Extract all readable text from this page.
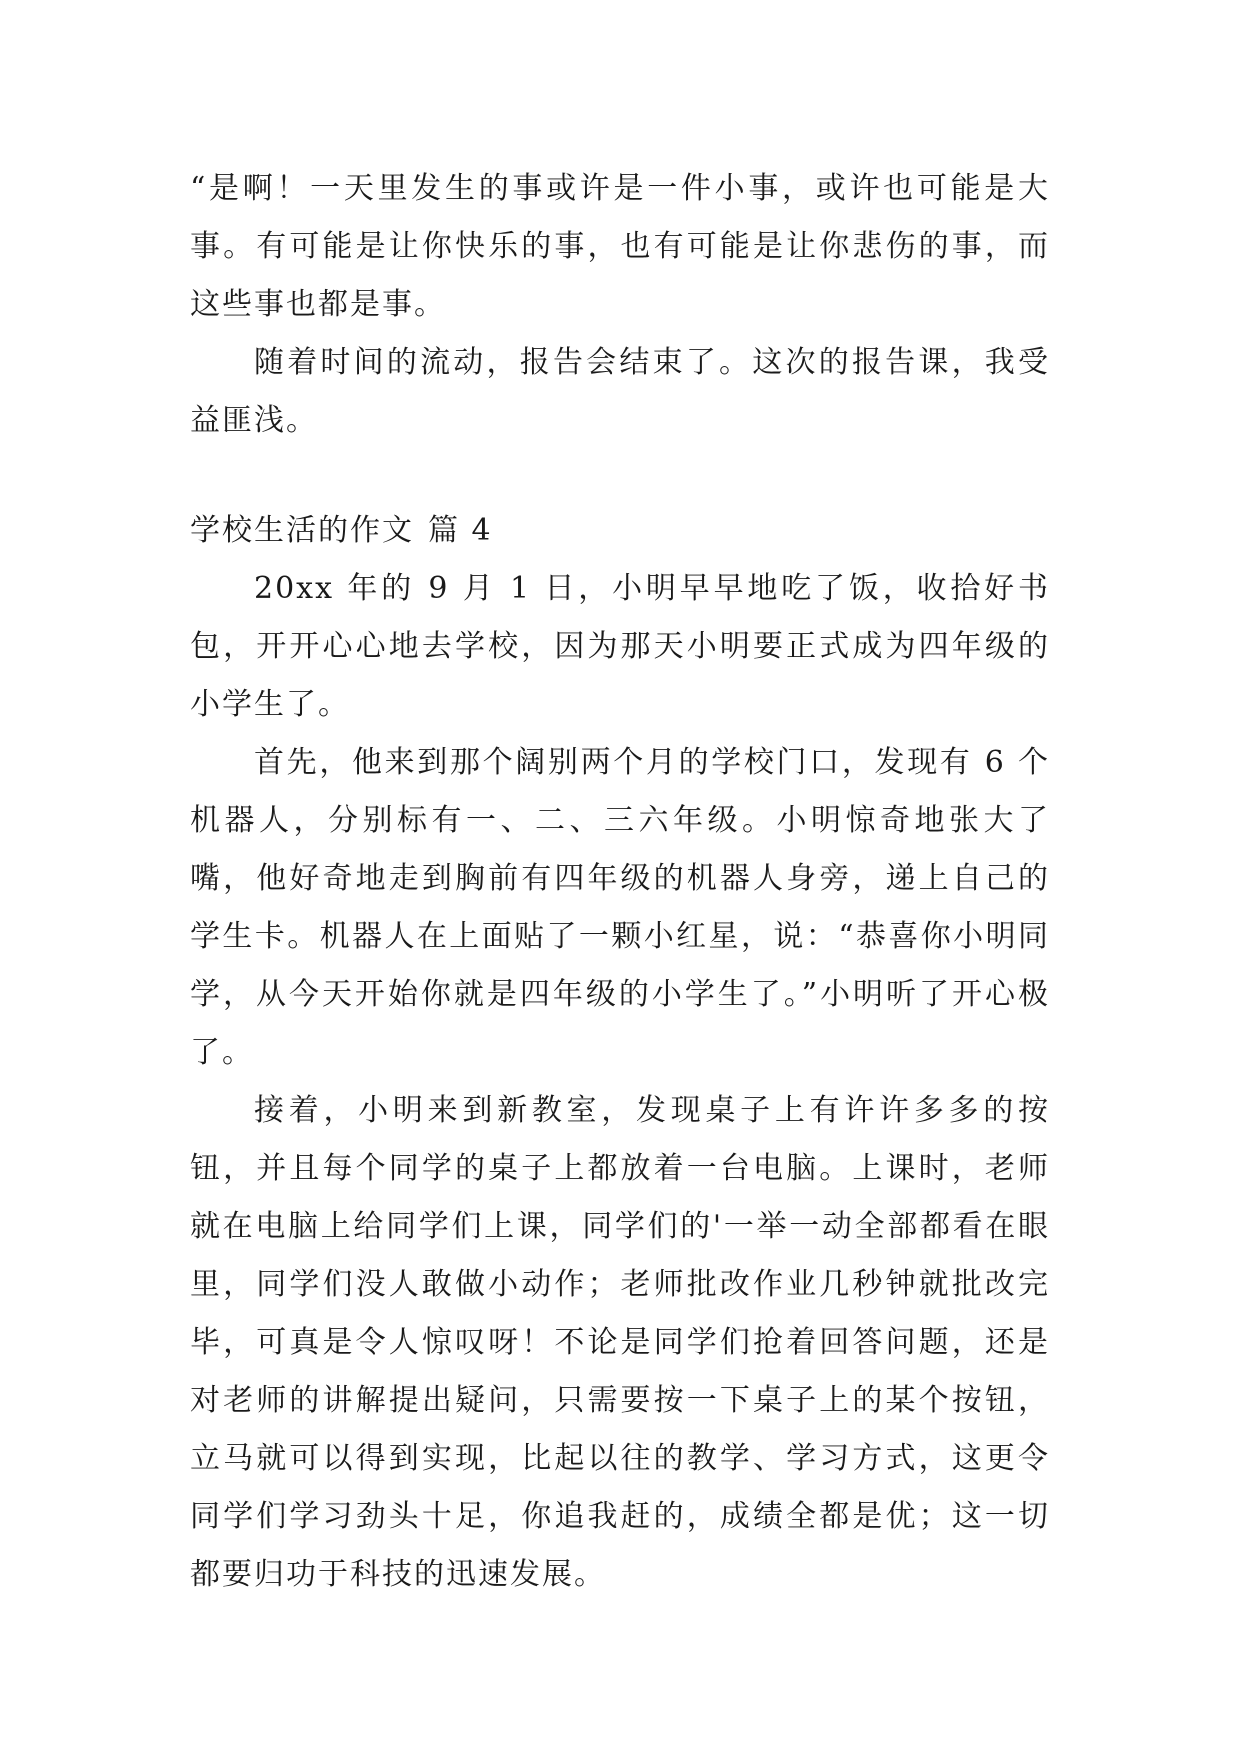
“是啊！一天里发生的事或许是一件小事，或许也可能是大事。有可能是让你快乐的事，也有可能是让你悲伤的事，而这些事也都是事。

随着时间的流动，报告会结束了。这次的报告课，我受益匪浅。

学校生活的作文 篇 4

20xx 年的 9 月 1 日，小明早早地吃了饭，收拾好书包，开开心心地去学校，因为那天小明要正式成为四年级的小学生了。

首先，他来到那个阔别两个月的学校门口，发现有 6 个机器人，分别标有一、二、三六年级。小明惊奇地张大了嘴，他好奇地走到胸前有四年级的机器人身旁，递上自己的学生卡。机器人在上面贴了一颗小红星，说：“恭喜你小明同学，从今天开始你就是四年级的小学生了。”小明听了开心极了。

接着，小明来到新教室，发现桌子上有许许多多的按钮，并且每个同学的桌子上都放着一台电脑。上课时，老师就在电脑上给同学们上课，同学们的'一举一动全部都看在眼里，同学们没人敢做小动作；老师批改作业几秒钟就批改完毕，可真是令人惊叹呀！不论是同学们抢着回答问题，还是对老师的讲解提出疑问，只需要按一下桌子上的某个按钮，立马就可以得到实现，比起以往的教学、学习方式，这更令同学们学习劲头十足，你追我赶的，成绩全都是优；这一切都要归功于科技的迅速发展。
